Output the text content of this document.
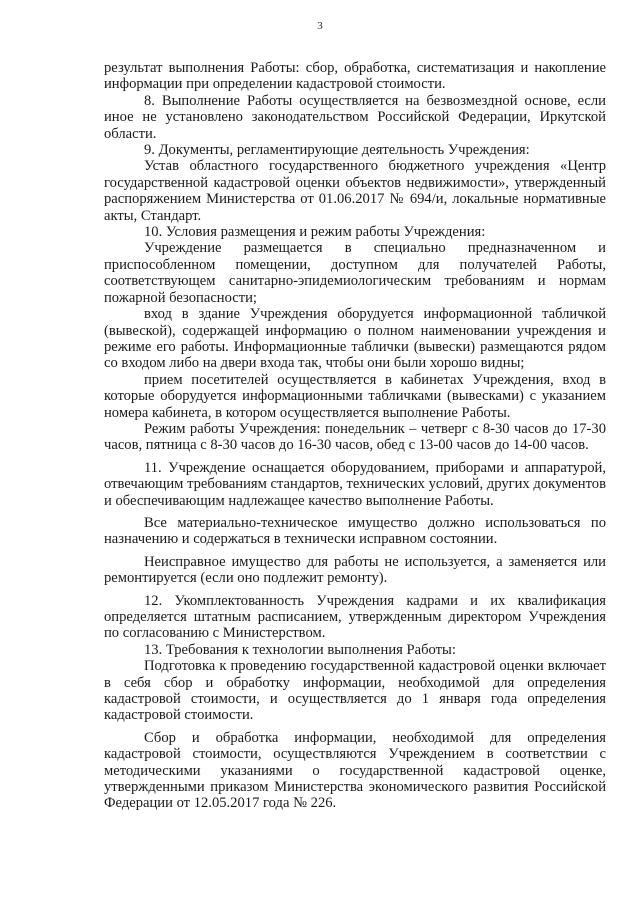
3

результат выполнения Работы: сбор, обработка, систематизация и накопление информации при определении кадастровой стоимости.

8. Выполнение Работы осуществляется на безвозмездной основе, если иное не установлено законодательством Российской Федерации, Иркутской области.

9. Документы, регламентирующие деятельность Учреждения:

Устав областного государственного бюджетного учреждения «Центр государственной кадастровой оценки объектов недвижимости», утвержденный распоряжением Министерства от 01.06.2017 № 694/и, локальные нормативные акты, Стандарт.

10. Условия размещения и режим работы Учреждения:

Учреждение размещается в специально предназначенном и приспособленном помещении, доступном для получателей Работы, соответствующем санитарно-эпидемиологическим требованиям и нормам пожарной безопасности;

вход в здание Учреждения оборудуется информационной табличкой (вывеской), содержащей информацию о полном наименовании учреждения и режиме его работы. Информационные таблички (вывески) размещаются рядом со входом либо на двери входа так, чтобы они были хорошо видны;

прием посетителей осуществляется в кабинетах Учреждения, вход в которые оборудуется информационными табличками (вывесками) с указанием номера кабинета, в котором осуществляется выполнение Работы.

Режим работы Учреждения: понедельник – четверг с 8-30 часов до 17-30 часов, пятница с 8-30 часов до 16-30 часов, обед с 13-00 часов до 14-00 часов.

11. Учреждение оснащается оборудованием, приборами и аппаратурой, отвечающим требованиям стандартов, технических условий, других документов и обеспечивающим надлежащее качество выполнение Работы.

Все материально-техническое имущество должно использоваться по назначению и содержаться в технически исправном состоянии.

Неисправное имущество для работы не используется, а заменяется или ремонтируется (если оно подлежит ремонту).

12. Укомплектованность Учреждения кадрами и их квалификация определяется штатным расписанием, утвержденным директором Учреждения по согласованию с Министерством.

13. Требования к технологии выполнения Работы:

Подготовка к проведению государственной кадастровой оценки включает в себя сбор и обработку информации, необходимой для определения кадастровой стоимости, и осуществляется до 1 января года определения кадастровой стоимости.

Сбор и обработка информации, необходимой для определения кадастровой стоимости, осуществляются Учреждением в соответствии с методическими указаниями о государственной кадастровой оценке, утвержденными приказом Министерства экономического развития Российской Федерации от 12.05.2017 года № 226.
